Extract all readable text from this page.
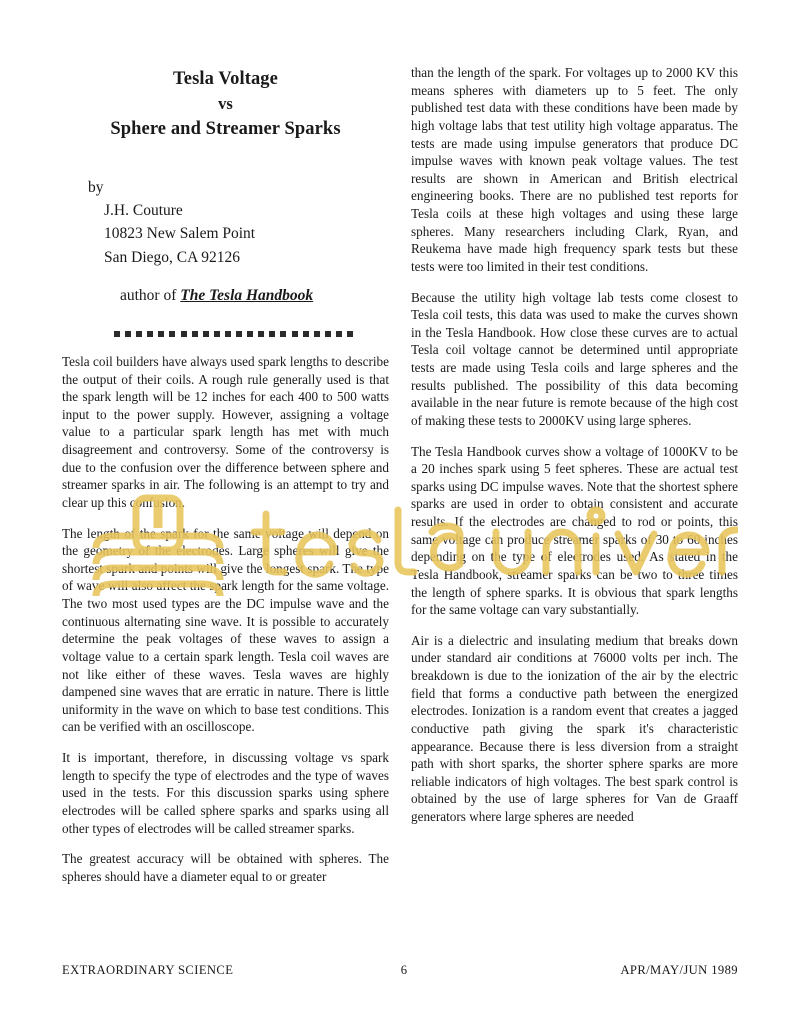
Tesla Voltage
vs
Sphere and Streamer Sparks
by
J.H. Couture
10823 New Salem Point
San Diego, CA 92126
author of The Tesla Handbook

Tesla coil builders have always used spark lengths to describe the output of their coils. A rough rule generally used is that the spark length will be 12 inches for each 400 to 500 watts input to the power supply. However, assigning a voltage value to a particular spark length has met with much disagreement and controversy. Some of the controversy is due to the confusion over the difference between sphere and streamer sparks in air. The following is an attempt to try and clear up this confusion.

The length of the spark for the same voltage will depend on the geometry of the electrodes. Large spheres will give the shortest spark and points will give the longest spark. The type of wave will also affect the spark length for the same voltage. The two most used types are the DC impulse wave and the continuous alternating sine wave. It is possible to accurately determine the peak voltages of these waves to assign a voltage value to a certain spark length. Tesla coil waves are not like either of these waves. Tesla waves are highly dampened sine waves that are erratic in nature. There is little uniformity in the wave on which to base test conditions. This can be verified with an oscilloscope.

It is important, therefore, in discussing voltage vs spark length to specify the type of electrodes and the type of waves used in the tests. For this discussion sparks using sphere electrodes will be called sphere sparks and sparks using all other types of electrodes will be called streamer sparks.

The greatest accuracy will be obtained with spheres. The spheres should have a diameter equal to or greater

than the length of the spark. For voltages up to 2000 KV this means spheres with diameters up to 5 feet. The only published test data with these conditions have been made by high voltage labs that test utility high voltage apparatus. The tests are made using impulse generators that produce DC impulse waves with known peak voltage values. The test results are shown in American and British electrical engineering books. There are no published test reports for Tesla coils at these high voltages and using these large spheres. Many researchers including Clark, Ryan, and Reukema have made high frequency spark tests but these tests were too limited in their test conditions.

Because the utility high voltage lab tests come closest to Tesla coil tests, this data was used to make the curves shown in the Tesla Handbook. How close these curves are to actual Tesla coil voltage cannot be determined until appropriate tests are made using Tesla coils and large spheres and the results published. The possibility of this data becoming available in the near future is remote because of the high cost of making these tests to 2000KV using large spheres.

The Tesla Handbook curves show a voltage of 1000KV to be a 20 inches spark using 5 feet spheres. These are actual test sparks using DC impulse waves. Note that the shortest sphere sparks are used in order to obtain consistent and accurate results. If the electrodes are changed to rod or points, this same voltage can produce streamer sparks of 30 to 60 inches depending on the type of electrodes used. As stated in the Tesla Handbook, streamer sparks can be two to three times the length of sphere sparks. It is obvious that spark lengths for the same voltage can vary substantially.

Air is a dielectric and insulating medium that breaks down under standard air conditions at 76000 volts per inch. The breakdown is due to the ionization of the air by the electric field that forms a conductive path between the energized electrodes. Ionization is a random event that creates a jagged conductive path giving the spark it's characteristic appearance. Because there is less diversion from a straight path with short sparks, the shorter sphere sparks are more reliable indicators of high voltages. The best spark control is obtained by the use of large spheres for Van de Graaff generators where large spheres are needed

EXTRAORDINARY SCIENCE	6	APR/MAY/JUN 1989
